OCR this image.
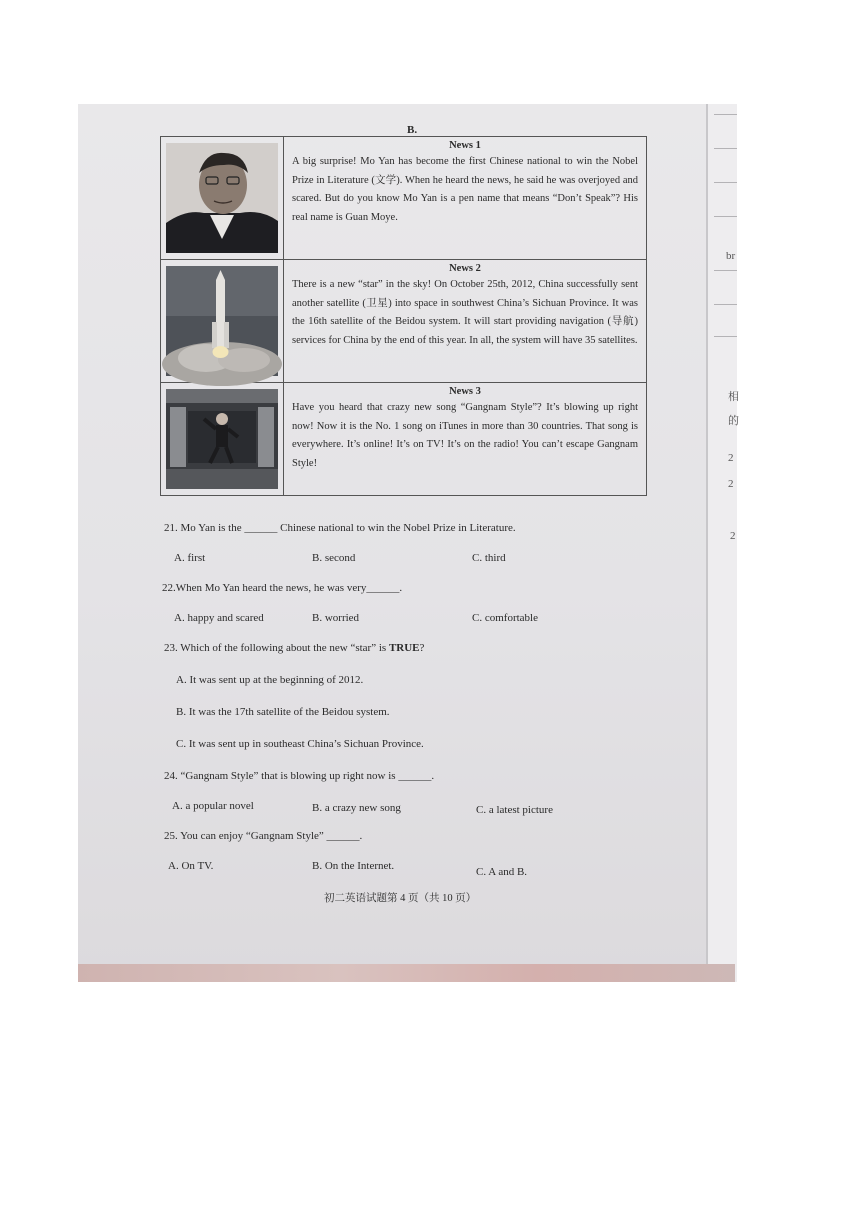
B.

News 1
A big surprise! Mo Yan has become the first Chinese national to win the Nobel Prize in Literature (文学). When he heard the news, he said he was overjoyed and scared. But do you know Mo Yan is a pen name that means “Don’t Speak”? His real name is Guan Moye.

News 2
There is a new “star” in the sky! On October 25th, 2012, China successfully sent another satellite (卫星) into space in southwest China’s Sichuan Province. It was the 16th satellite of the Beidou system. It will start providing navigation (导航) services for China by the end of this year. In all, the system will have 35 satellites.

News 3
Have you heard that crazy new song “Gangnam Style”? It’s blowing up right now! Now it is the No. 1 song on iTunes in more than 30 countries. That song is everywhere. It’s online! It’s on TV! It’s on the radio! You can’t escape Gangnam Style!
21. Mo Yan is the ______ Chinese national to win the Nobel Prize in Literature.
A. first	B. second	C. third
22.When Mo Yan heard the news, he was very______.
A. happy and scared	B. worried	C. comfortable
23. Which of the following about the new “star” is TRUE?
A. It was sent up at the beginning of 2012.
B. It was the 17th satellite of the Beidou system.
C. It was sent up in southeast China’s Sichuan Province.
24. “Gangnam Style” that is blowing up right now is ______.
A. a popular novel	B. a crazy new song	C. a latest picture
25. You can enjoy “Gangnam Style” ______.
A. On TV.	B. On the Internet.	C. A and B.
初二英语试题第 4 页（共 10 页）
br
相
的
2
2
2
